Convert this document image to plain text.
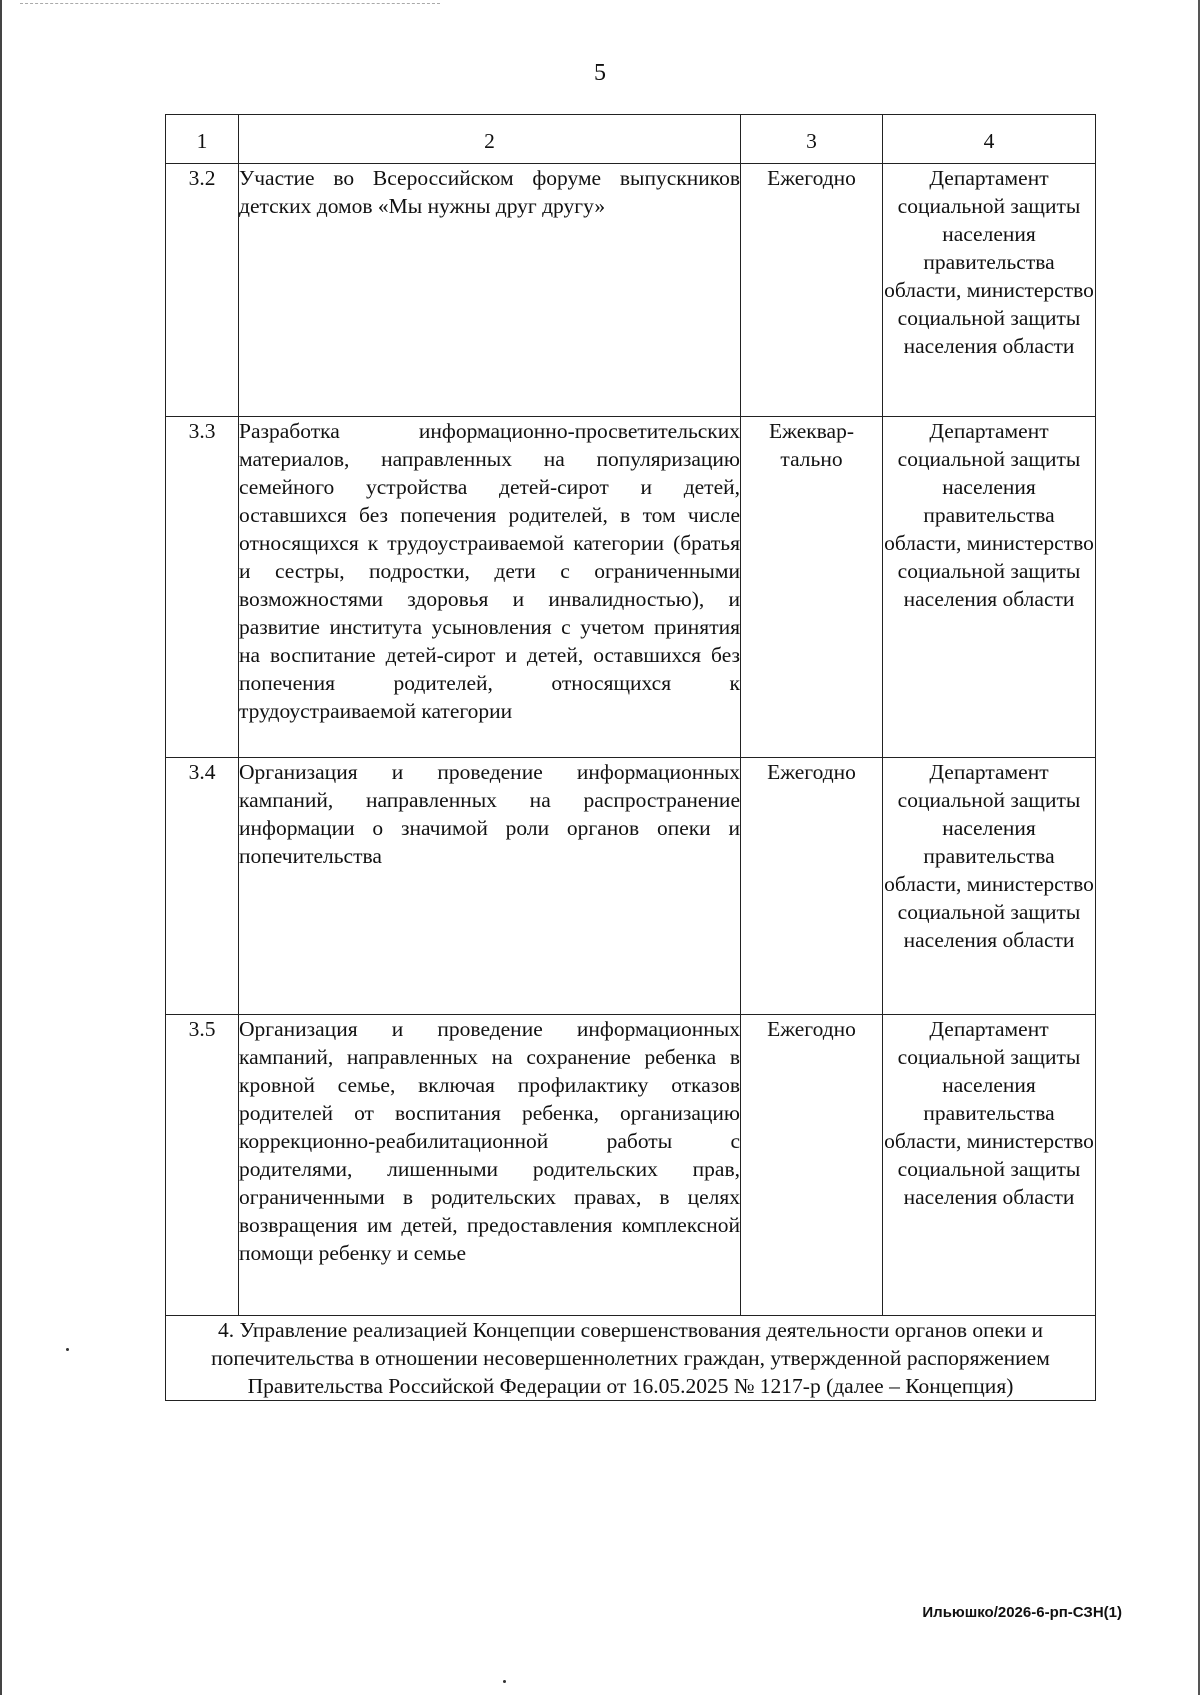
5
1	2	3	4
3.2	Участие во Всероссийском форуме выпускников детских домов «Мы нужны друг другу»	Ежегодно	Департамент социальной защиты населения правительства области, министерство социальной защиты населения области
3.3	Разработка информационно-просветительских материалов, направленных на популяризацию семейного устройства детей-сирот и детей, оставшихся без попечения родителей, в том числе относящихся к трудоустраиваемой категории (братья и сестры, подростки, дети с ограниченными возможностями здоровья и инвалидностью), и развитие института усыновления с учетом принятия на воспитание детей-сирот и детей, оставшихся без попечения родителей, относящихся к трудоустраиваемой категории	Ежеквар-тально	Департамент социальной защиты населения правительства области, министерство социальной защиты населения области
3.4	Организация и проведение информационных кампаний, направленных на распространение информации о значимой роли органов опеки и попечительства	Ежегодно	Департамент социальной защиты населения правительства области, министерство социальной защиты населения области
3.5	Организация и проведение информационных кампаний, направленных на сохранение ребенка в кровной семье, включая профилактику отказов родителей от воспитания ребенка, организацию коррекционно-реабилитационной работы с родителями, лишенными родительских прав, ограниченными в родительских правах, в целях возвращения им детей, предоставления комплексной помощи ребенку и семье	Ежегодно	Департамент социальной защиты населения правительства области, министерство социальной защиты населения области
4. Управление реализацией Концепции совершенствования деятельности органов опеки и попечительства в отношении несовершеннолетних граждан, утвержденной распоряжением Правительства Российской Федерации от 16.05.2025 № 1217-р (далее – Концепция)			
Ильюшко/2026-6-рп-СЗН(1)
